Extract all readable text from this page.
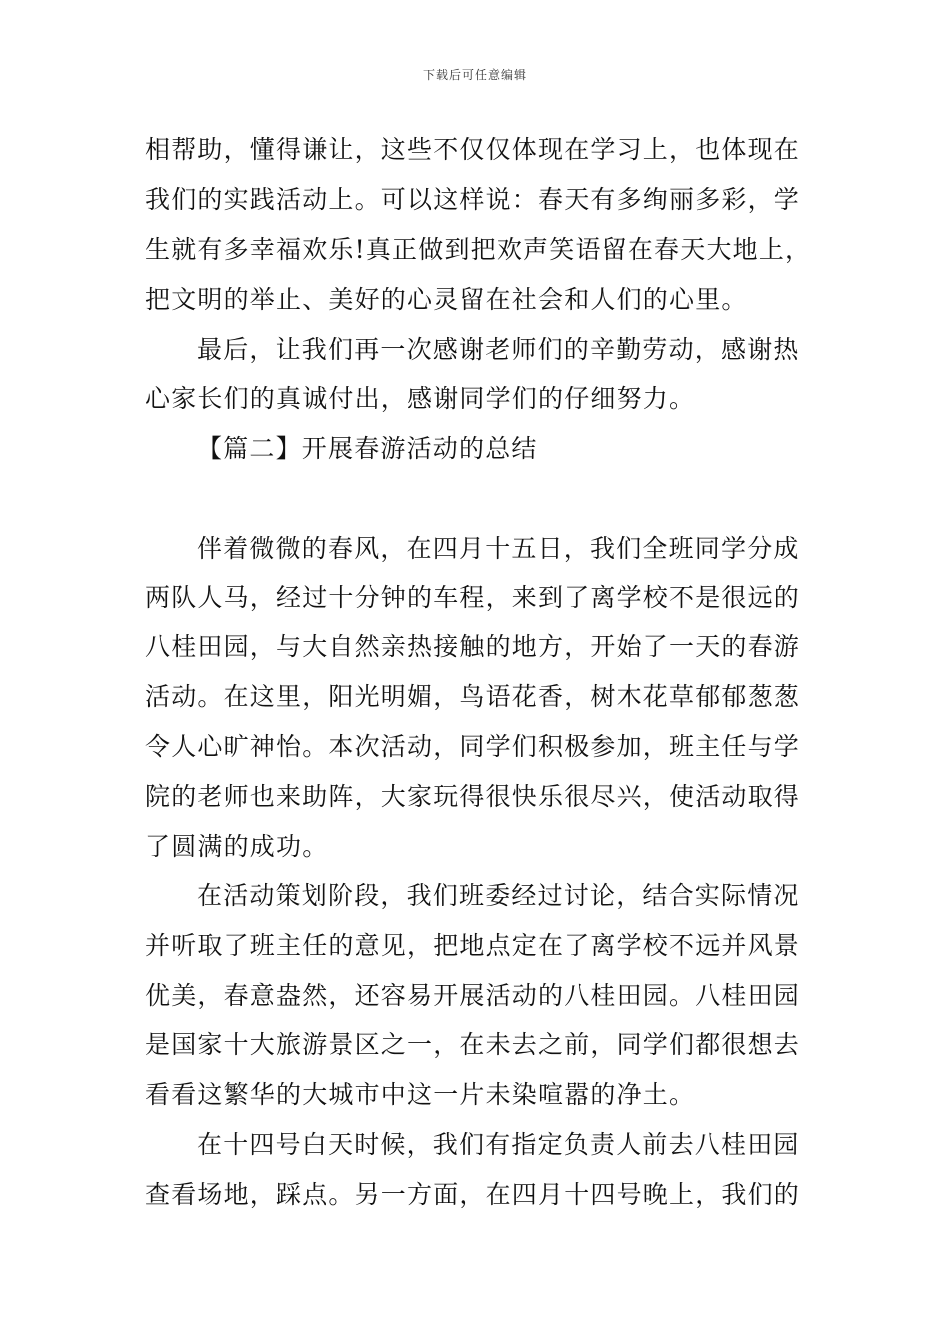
下载后可任意编辑
相帮助，懂得谦让，这些不仅仅体现在学习上，也体现在
我们的实践活动上。可以这样说：春天有多绚丽多彩，学
生就有多幸福欢乐!真正做到把欢声笑语留在春天大地上，
把文明的举止、美好的心灵留在社会和人们的心里。
最后，让我们再一次感谢老师们的辛勤劳动，感谢热
心家长们的真诚付出，感谢同学们的仔细努力。
【篇二】开展春游活动的总结
伴着微微的春风，在四月十五日，我们全班同学分成
两队人马，经过十分钟的车程，来到了离学校不是很远的
八桂田园，与大自然亲热接触的地方，开始了一天的春游
活动。在这里，阳光明媚，鸟语花香，树木花草郁郁葱葱
令人心旷神怡。本次活动，同学们积极参加，班主任与学
院的老师也来助阵，大家玩得很快乐很尽兴，使活动取得
了圆满的成功。
在活动策划阶段，我们班委经过讨论，结合实际情况
并听取了班主任的意见，把地点定在了离学校不远并风景
优美，春意盎然，还容易开展活动的八桂田园。八桂田园
是国家十大旅游景区之一，在未去之前，同学们都很想去
看看这繁华的大城市中这一片未染喧嚣的净土。
在十四号白天时候，我们有指定负责人前去八桂田园
查看场地，踩点。另一方面，在四月十四号晚上，我们的
